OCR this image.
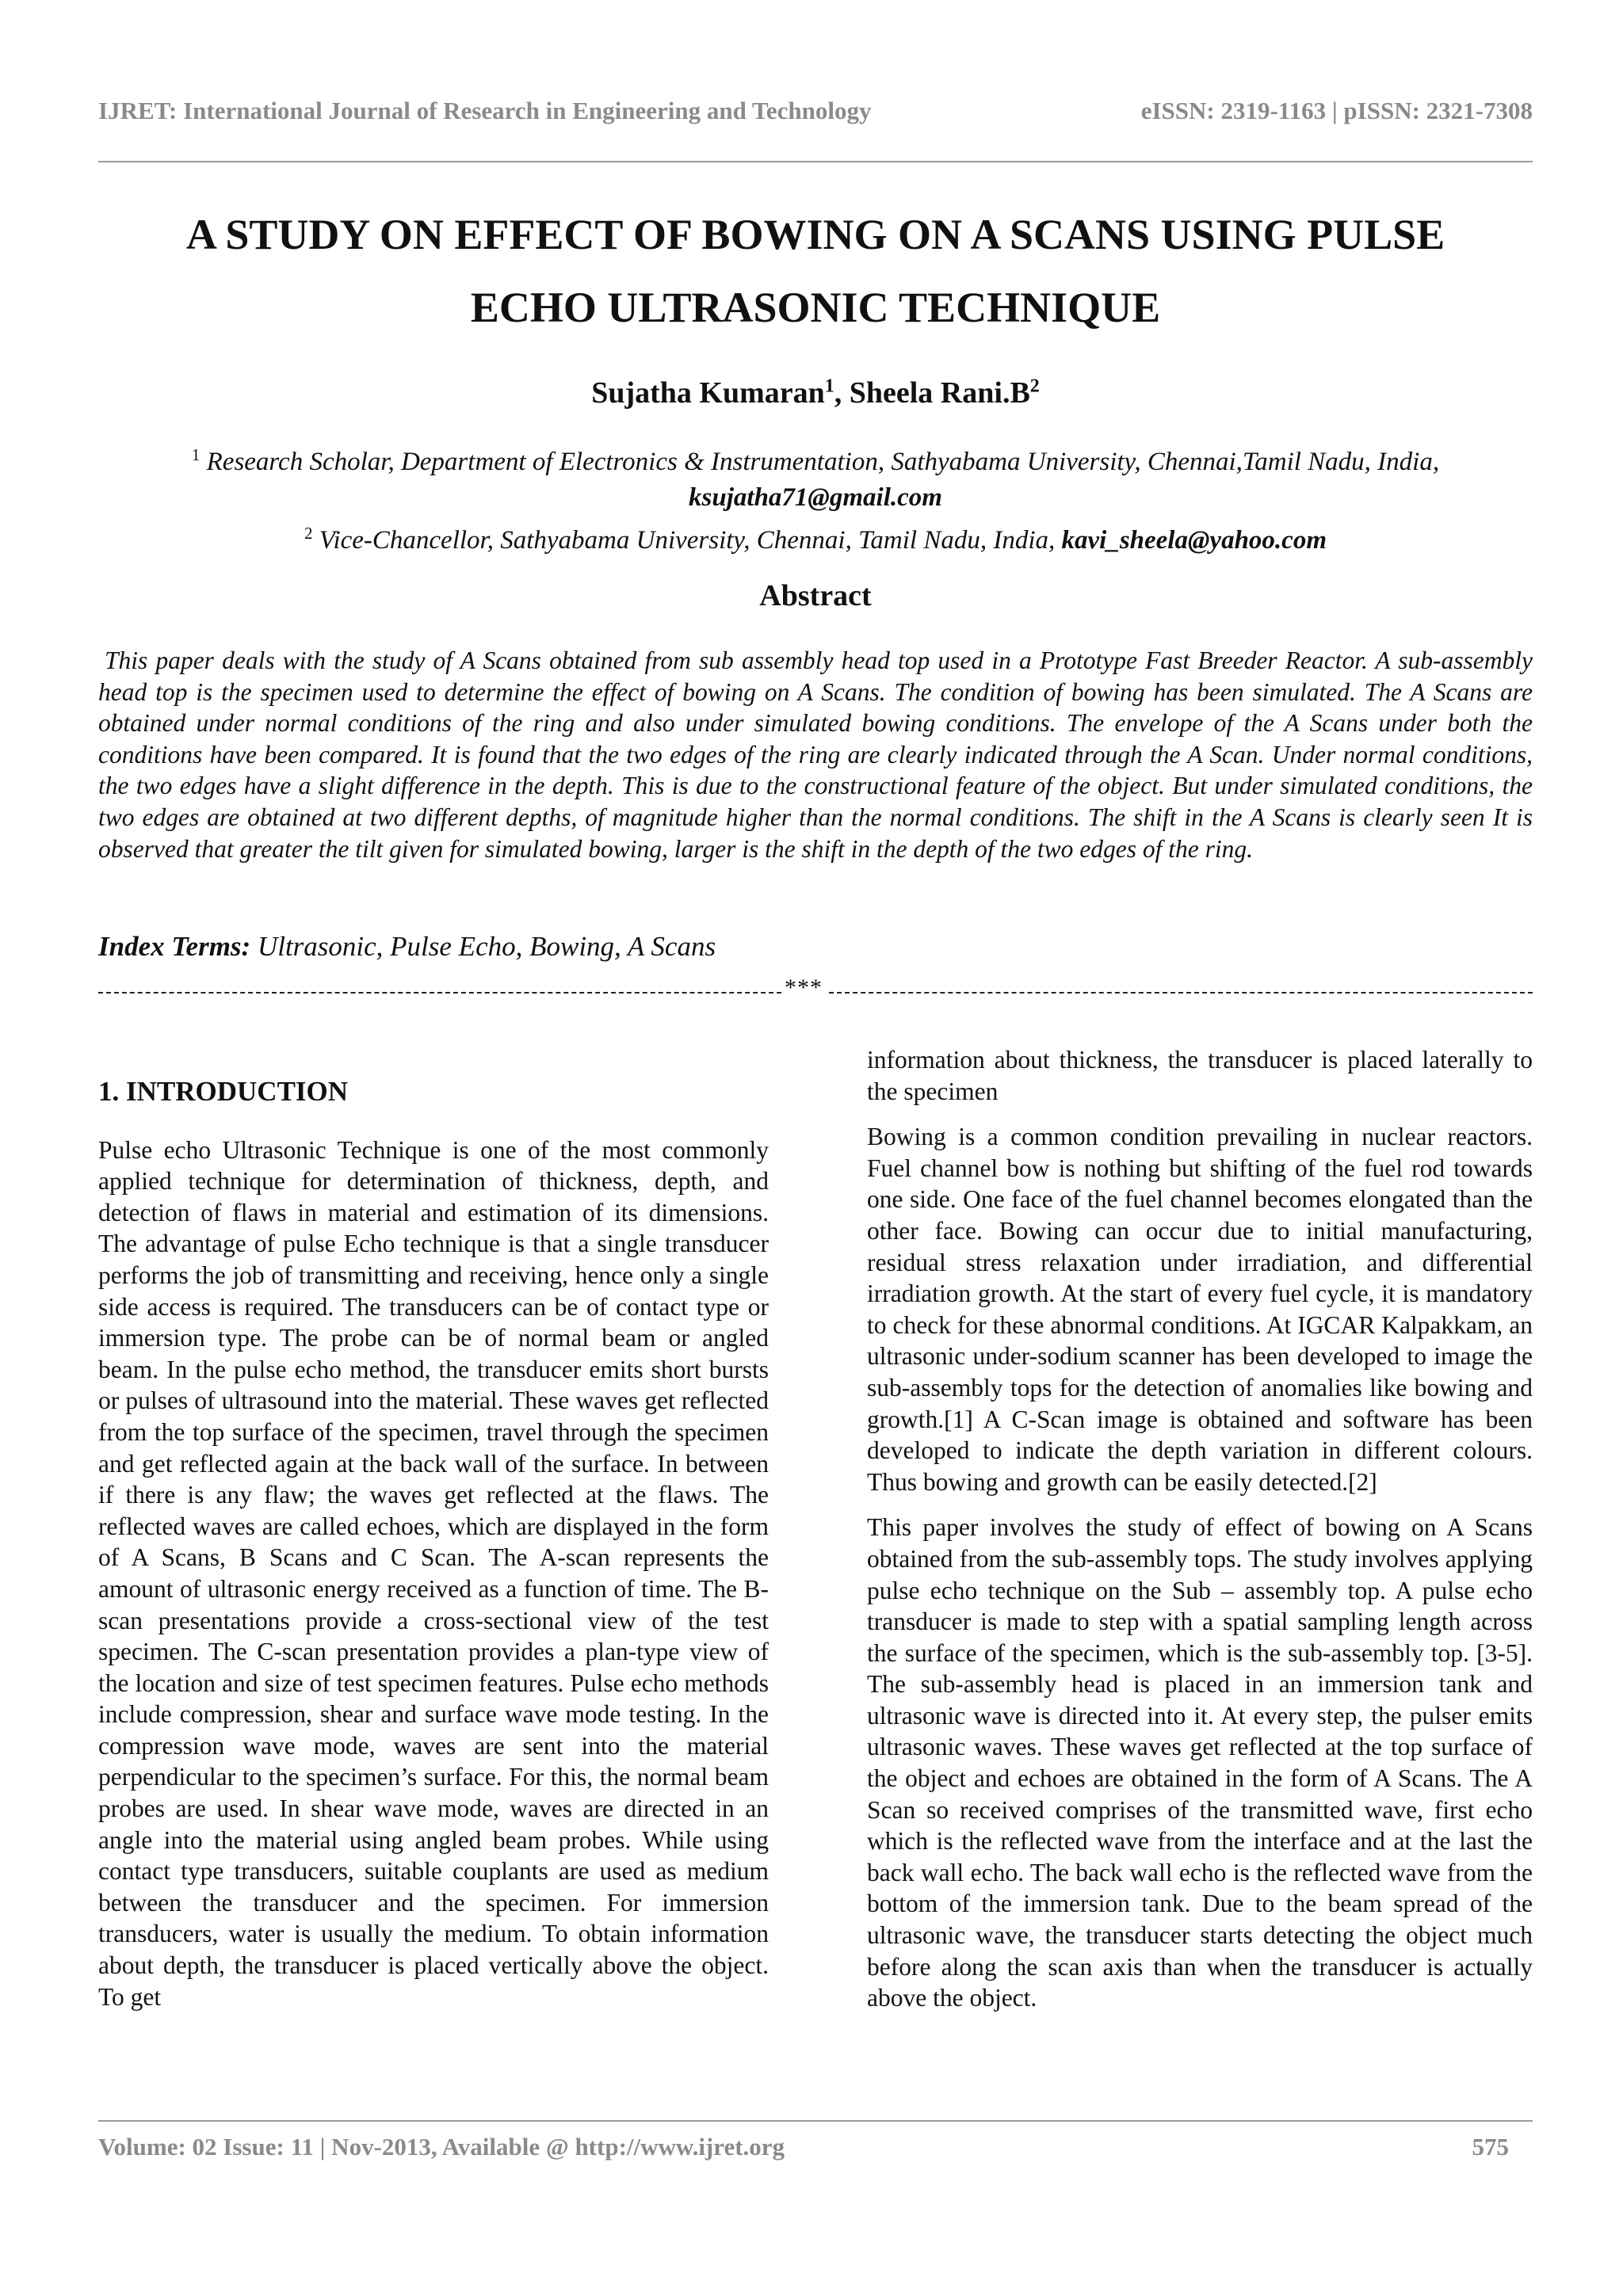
IJRET: International Journal of Research in Engineering and Technology	eISSN: 2319-1163 | pISSN: 2321-7308
A STUDY ON EFFECT OF BOWING ON A SCANS USING PULSE
ECHO ULTRASONIC TECHNIQUE
Sujatha Kumaran$^1$, Sheela $Rani.B^2$
$^1$ Research Scholar, Department of Electronics & Instrumentation, Sathyabama University, Chennai,Tamil Nadu, India, ksujatha71@gmail.com
$^2$ Vice-Chancellor, Sathyabama University, Chennai, Tamil Nadu, India, kavi_sheela@yahoo.com
Abstract
This paper deals with the study of A Scans obtained from sub assembly head top used in a Prototype Fast Breeder Reactor. A sub-assembly head top is the specimen used to determine the effect of bowing on A Scans. The condition of bowing has been simulated. The A Scans are obtained under normal conditions of the ring and also under simulated bowing conditions. The envelope of the A Scans under both the conditions have been compared. It is found that the two edges of the ring are clearly indicated through the A Scan. Under normal conditions, the two edges have a slight difference in the depth. This is due to the constructional feature of the object. But under simulated conditions, the two edges are obtained at two different depths, of magnitude higher than the normal conditions. The shift in the A Scans is clearly seen It is observed that greater the tilt given for simulated bowing, larger is the shift in the depth of the two edges of the ring.
Index Terms: Ultrasonic, Pulse Echo, Bowing, A Scans
***

1. INTRODUCTION

Pulse echo Ultrasonic Technique is one of the most commonly applied technique for determination of thickness, depth, and detection of flaws in material and estimation of its dimensions. The advantage of pulse Echo technique is that a single transducer performs the job of transmitting and receiving, hence only a single side access is required. The transducers can be of contact type or immersion type. The probe can be of normal beam or angled beam. In the pulse echo method, the transducer emits short bursts or pulses of ultrasound into the material. These waves get reflected from the top surface of the specimen, travel through the specimen and get reflected again at the back wall of the surface. In between if there is any flaw; the waves get reflected at the flaws. The reflected waves are called echoes, which are displayed in the form of A Scans, B Scans and C Scan. The A-scan represents the amount of ultrasonic energy received as a function of time. The B-scan presentations provide a cross-sectional view of the test specimen. The C-scan presentation provides a plan-type view of the location and size of test specimen features. Pulse echo methods include compression, shear and surface wave mode testing. In the compression wave mode, waves are sent into the material perpendicular to the specimen’s surface. For this, the normal beam probes are used. In shear wave mode, waves are directed in an angle into the material using angled beam probes. While using contact type transducers, suitable couplants are used as medium between the transducer and the specimen. For immersion transducers, water is usually the medium. To obtain information about depth, the transducer is placed vertically above the object. To get

information about thickness, the transducer is placed laterally to the specimen

Bowing is a common condition prevailing in nuclear reactors. Fuel channel bow is nothing but shifting of the fuel rod towards one side. One face of the fuel channel becomes elongated than the other face. Bowing can occur due to initial manufacturing, residual stress relaxation under irradiation, and differential irradiation growth. At the start of every fuel cycle, it is mandatory to check for these abnormal conditions. At IGCAR Kalpakkam, an ultrasonic under-sodium scanner has been developed to image the sub-assembly tops for the detection of anomalies like bowing and growth.[1] A C-Scan image is obtained and software has been developed to indicate the depth variation in different colours. Thus bowing and growth can be easily detected.[2]

This paper involves the study of effect of bowing on A Scans obtained from the sub-assembly tops. The study involves applying pulse echo technique on the Sub – assembly top. A pulse echo transducer is made to step with a spatial sampling length across the surface of the specimen, which is the sub-assembly top. [3-5]. The sub-assembly head is placed in an immersion tank and ultrasonic wave is directed into it. At every step, the pulser emits ultrasonic waves. These waves get reflected at the top surface of the object and echoes are obtained in the form of A Scans. The A Scan so received comprises of the transmitted wave, first echo which is the reflected wave from the interface and at the last the back wall echo. The back wall echo is the reflected wave from the bottom of the immersion tank. Due to the beam spread of the ultrasonic wave, the transducer starts detecting the object much before along the scan axis than when the transducer is actually above the object.

Volume: 02 Issue: 11 | Nov-2013, Available @ http://www.ijret.org	575
